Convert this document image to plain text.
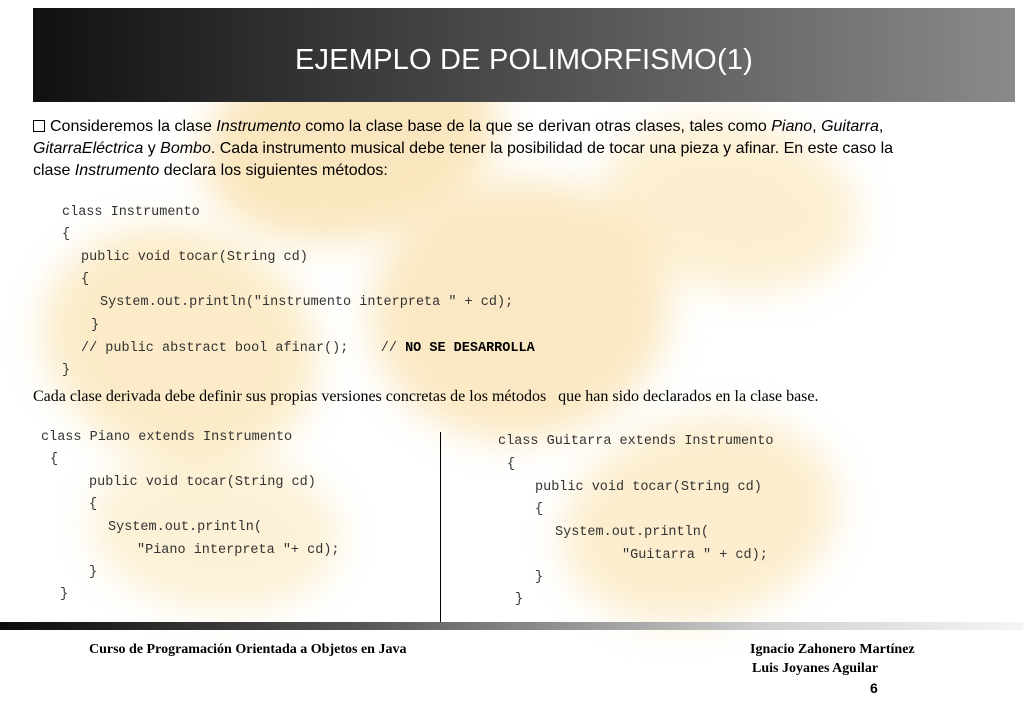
EJEMPLO DE POLIMORFISMO(1)
Consideremos la clase Instrumento como la clase base de la que se derivan otras clases, tales como Piano, Guitarra,
GitarraEléctrica y Bombo. Cada instrumento musical debe tener la posibilidad de tocar una pieza y afinar. En este caso la
clase Instrumento declara los siguientes métodos:

class Instrumento

{

public void tocar(String cd)

{

System.out.println("instrumento interpreta " + cd);

}

// public abstract bool afinar();    // NO SE DESARROLLA

}

Cada clase derivada debe definir sus propias versiones concretas de los métodos   que han sido declarados en la clase base.

class Piano extends Instrumento

{

public void tocar(String cd)

{

System.out.println(

"Piano interpreta "+ cd);

}

}

class Guitarra extends Instrumento

{

public void tocar(String cd)

{

System.out.println(

"Guitarra " + cd);

}

}

Curso de Programación Orientada a Objetos en Java	Ignacio Zahonero Martínez
Luis Joyanes Aguilar
6
